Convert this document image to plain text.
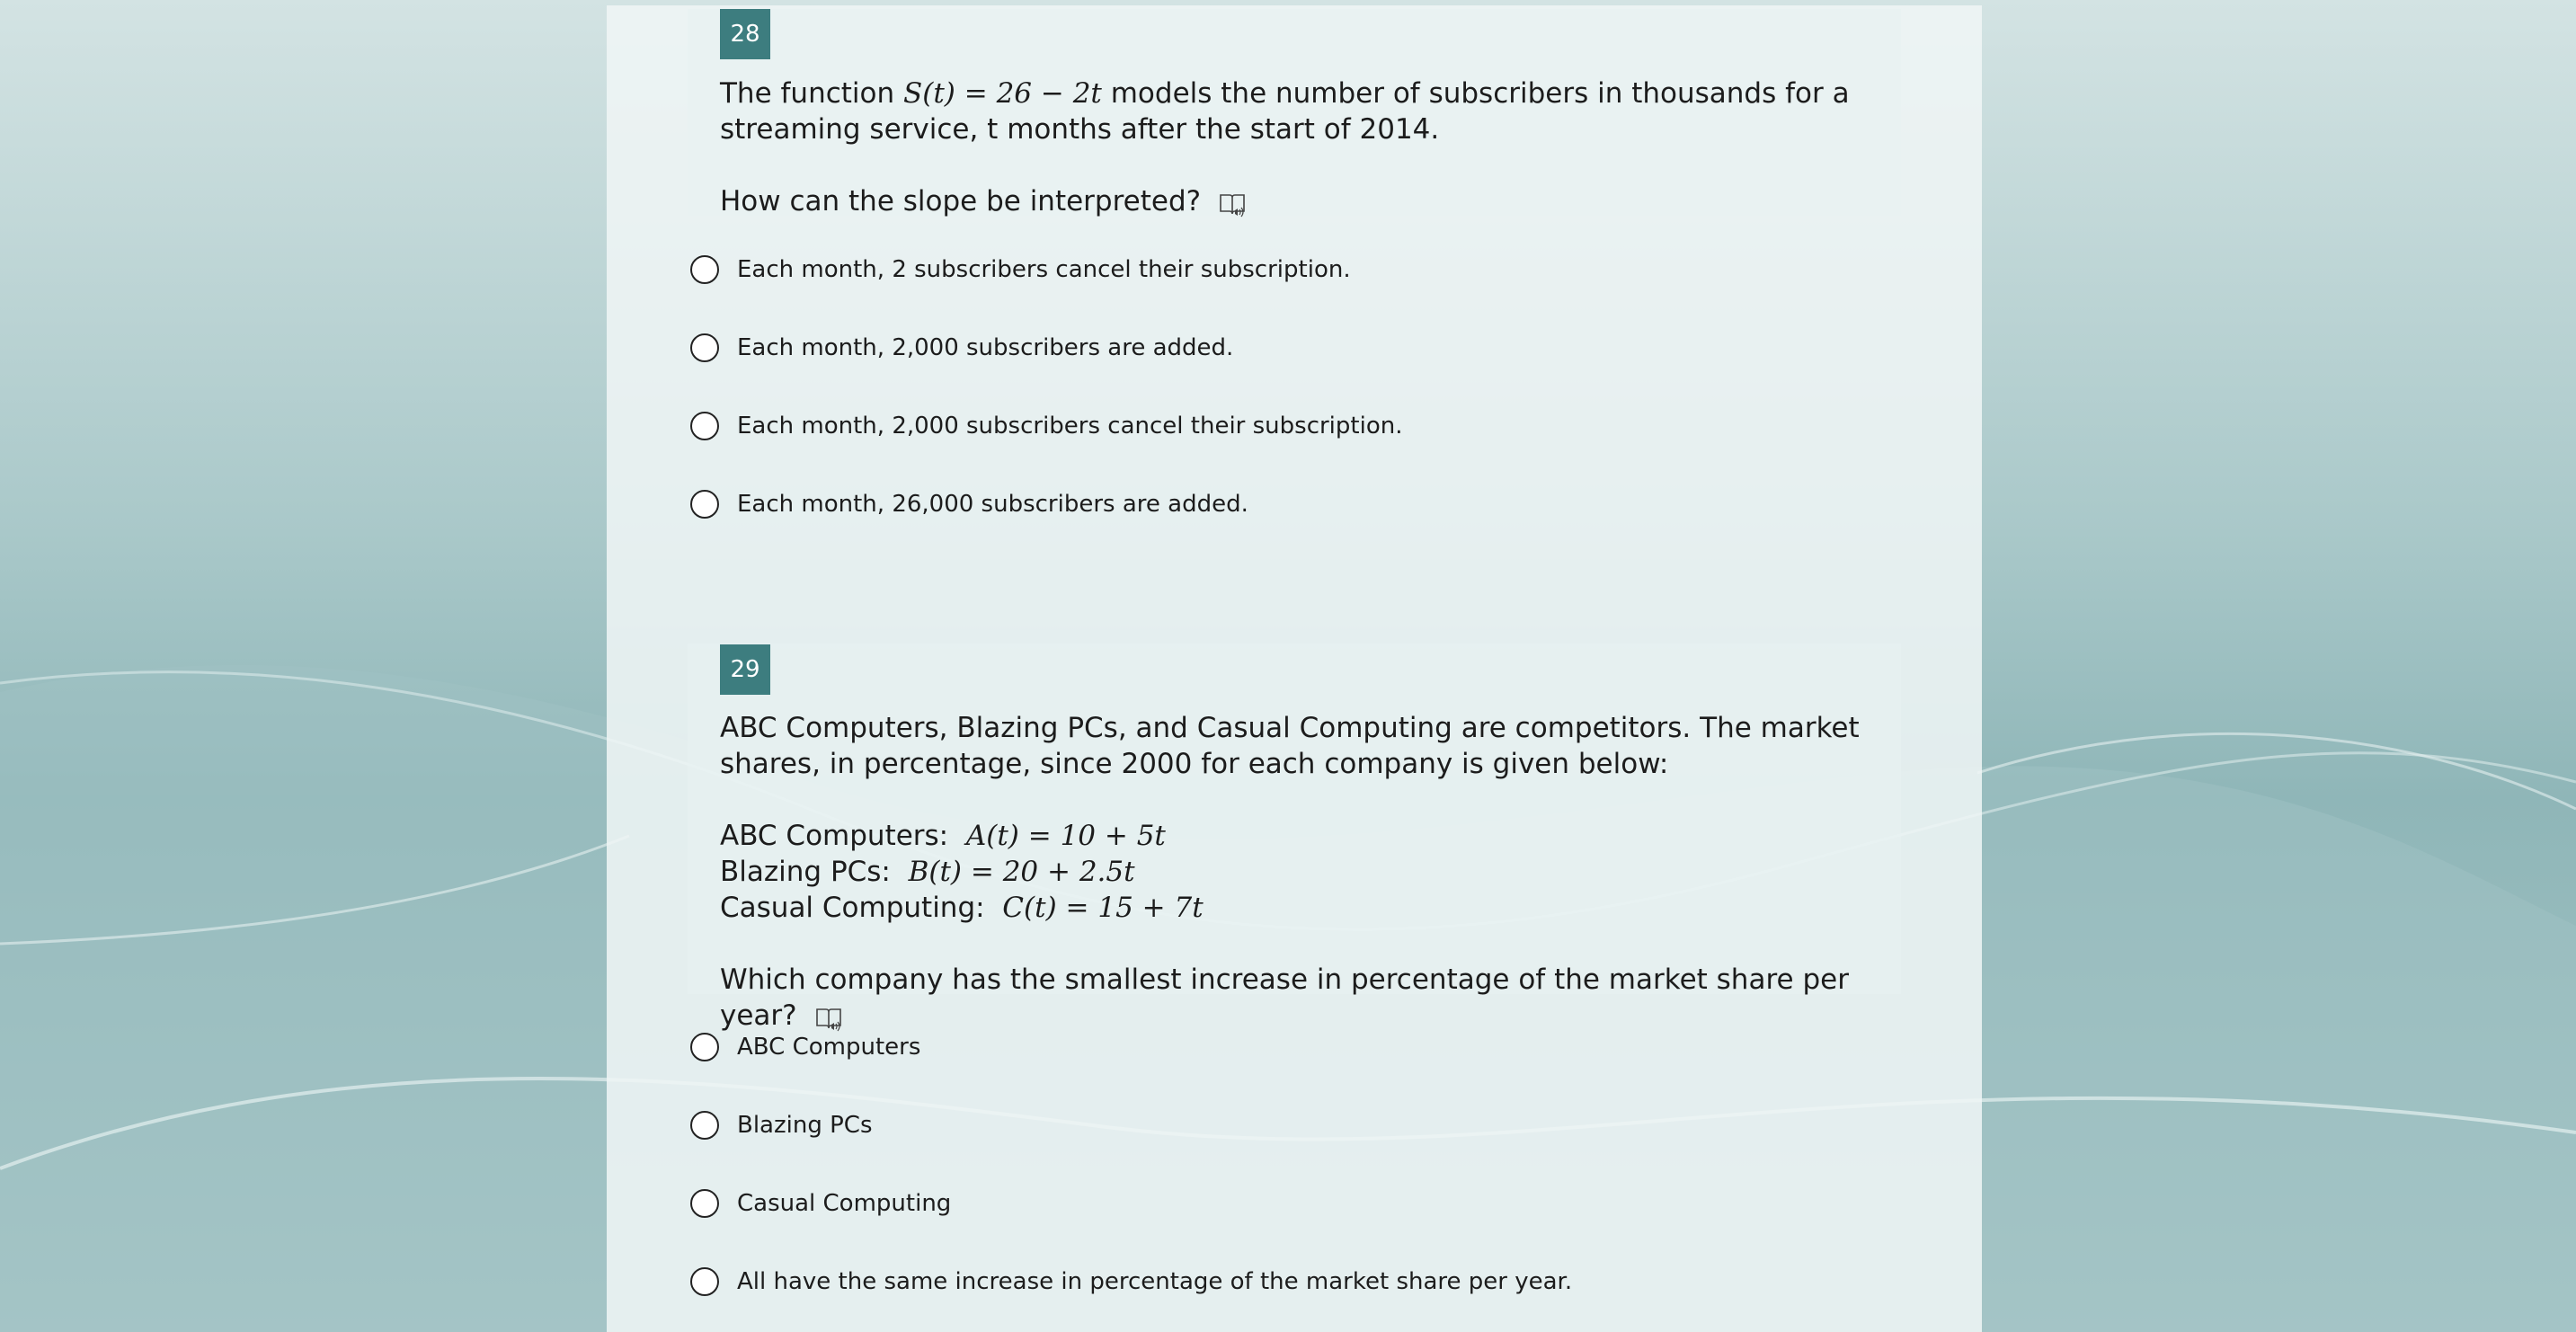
28

The function S(t) = 26 − 2t models the number of subscribers in thousands for a streaming service, t months after the start of 2014.

How can the slope be interpreted?

Each month, 2 subscribers cancel their subscription.
Each month, 2,000 subscribers are added.
Each month, 2,000 subscribers cancel their subscription.
Each month, 26,000 subscribers are added.
29

ABC Computers, Blazing PCs, and Casual Computing are competitors. The market shares, in percentage, since 2000 for each company is given below:

ABC Computers: A(t) = 10 + 5t
Blazing PCs: B(t) = 20 + 2.5t
Casual Computing: C(t) = 15 + 7t

Which company has the smallest increase in percentage of the market share per year?

ABC Computers
Blazing PCs
Casual Computing
All have the same increase in percentage of the market share per year.
